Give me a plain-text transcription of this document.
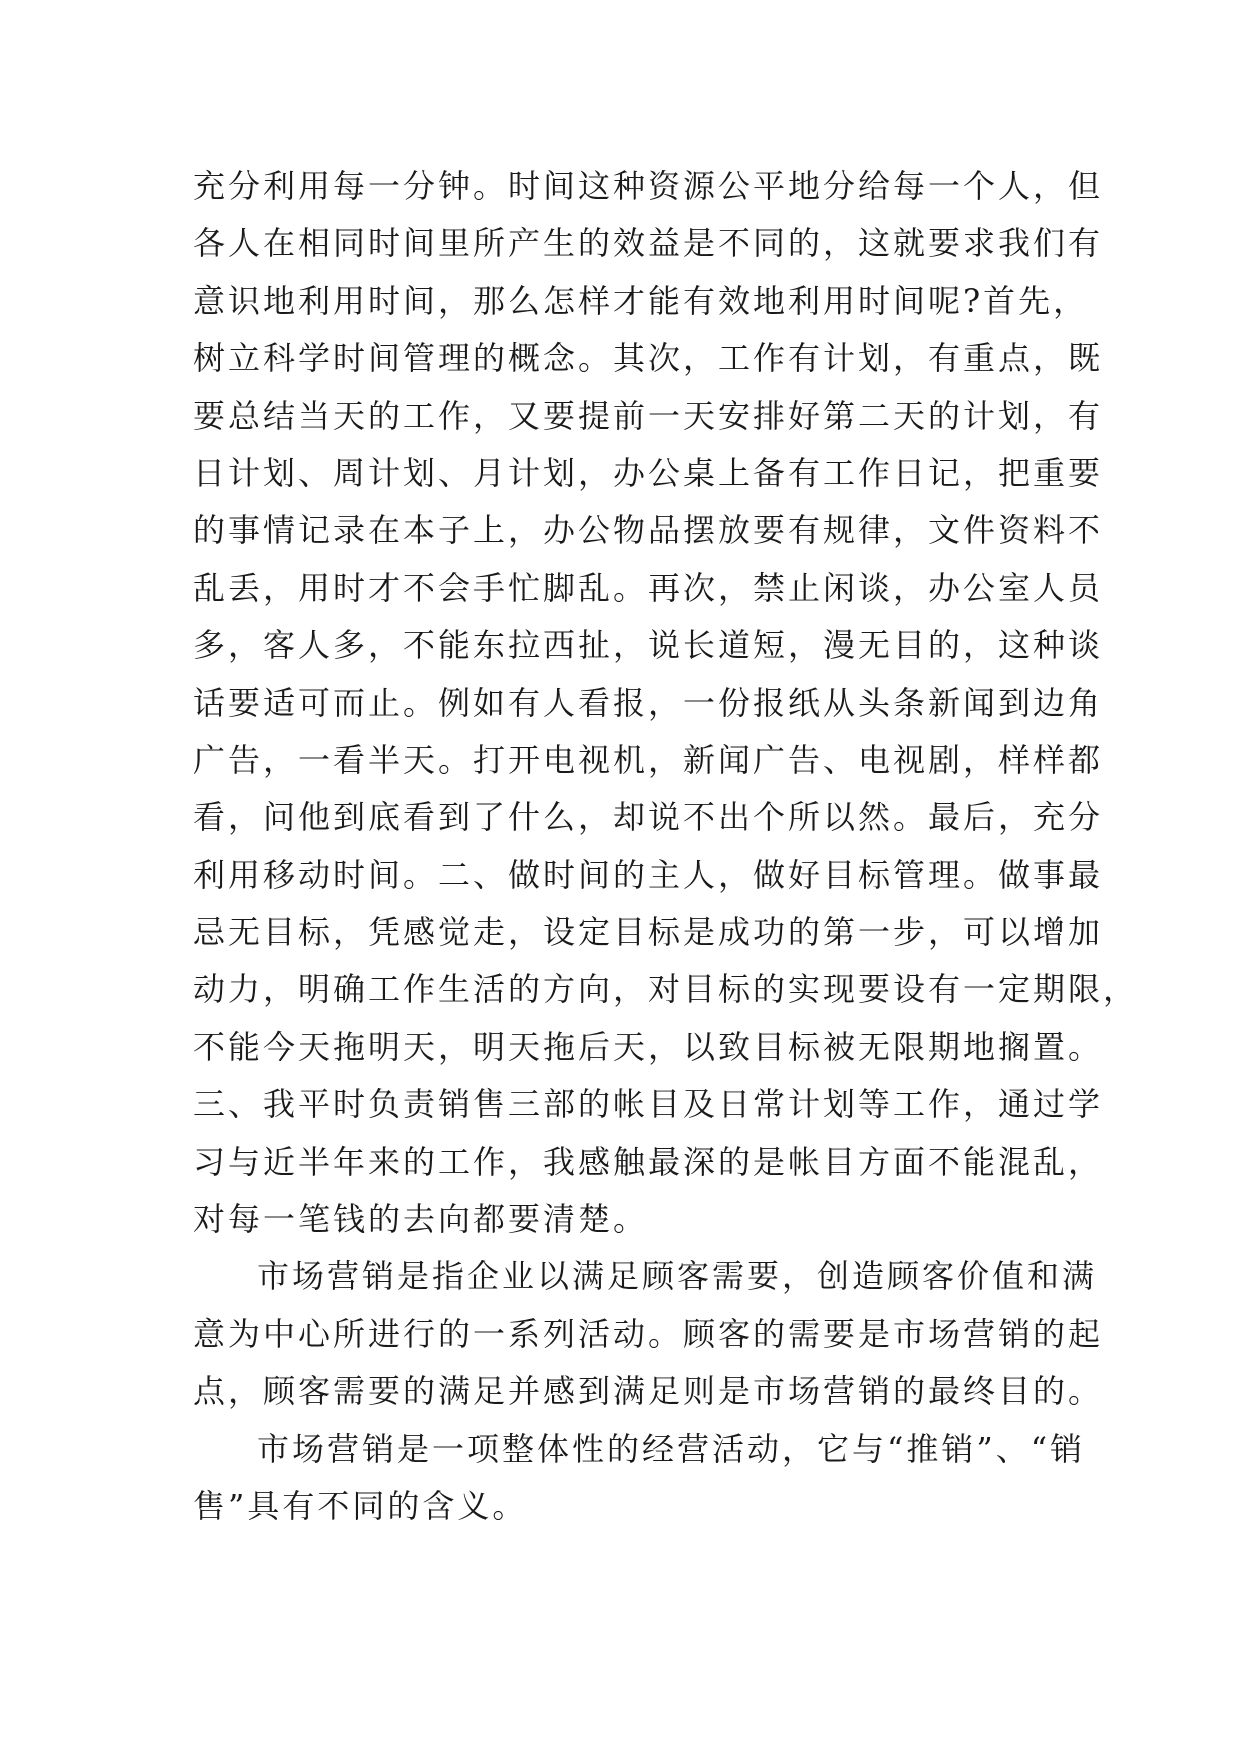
充分利用每一分钟。时间这种资源公平地分给每一个人，但
各人在相同时间里所产生的效益是不同的，这就要求我们有
意识地利用时间，那么怎样才能有效地利用时间呢?首先，
树立科学时间管理的概念。其次，工作有计划，有重点，既
要总结当天的工作，又要提前一天安排好第二天的计划，有
日计划、周计划、月计划，办公桌上备有工作日记，把重要
的事情记录在本子上，办公物品摆放要有规律，文件资料不
乱丢，用时才不会手忙脚乱。再次，禁止闲谈，办公室人员
多，客人多，不能东拉西扯，说长道短，漫无目的，这种谈
话要适可而止。例如有人看报，一份报纸从头条新闻到边角
广告，一看半天。打开电视机，新闻广告、电视剧，样样都
看，问他到底看到了什么，却说不出个所以然。最后，充分
利用移动时间。二、做时间的主人，做好目标管理。做事最
忌无目标，凭感觉走，设定目标是成功的第一步，可以增加
动力，明确工作生活的方向，对目标的实现要设有一定期限，
不能今天拖明天，明天拖后天，以致目标被无限期地搁置。
三、我平时负责销售三部的帐目及日常计划等工作，通过学
习与近半年来的工作，我感触最深的是帐目方面不能混乱，
对每一笔钱的去向都要清楚。
市场营销是指企业以满足顾客需要，创造顾客价值和满
意为中心所进行的一系列活动。顾客的需要是市场营销的起
点，顾客需要的满足并感到满足则是市场营销的最终目的。
市场营销是一项整体性的经营活动，它与“推销”、“销
售”具有不同的含义。
